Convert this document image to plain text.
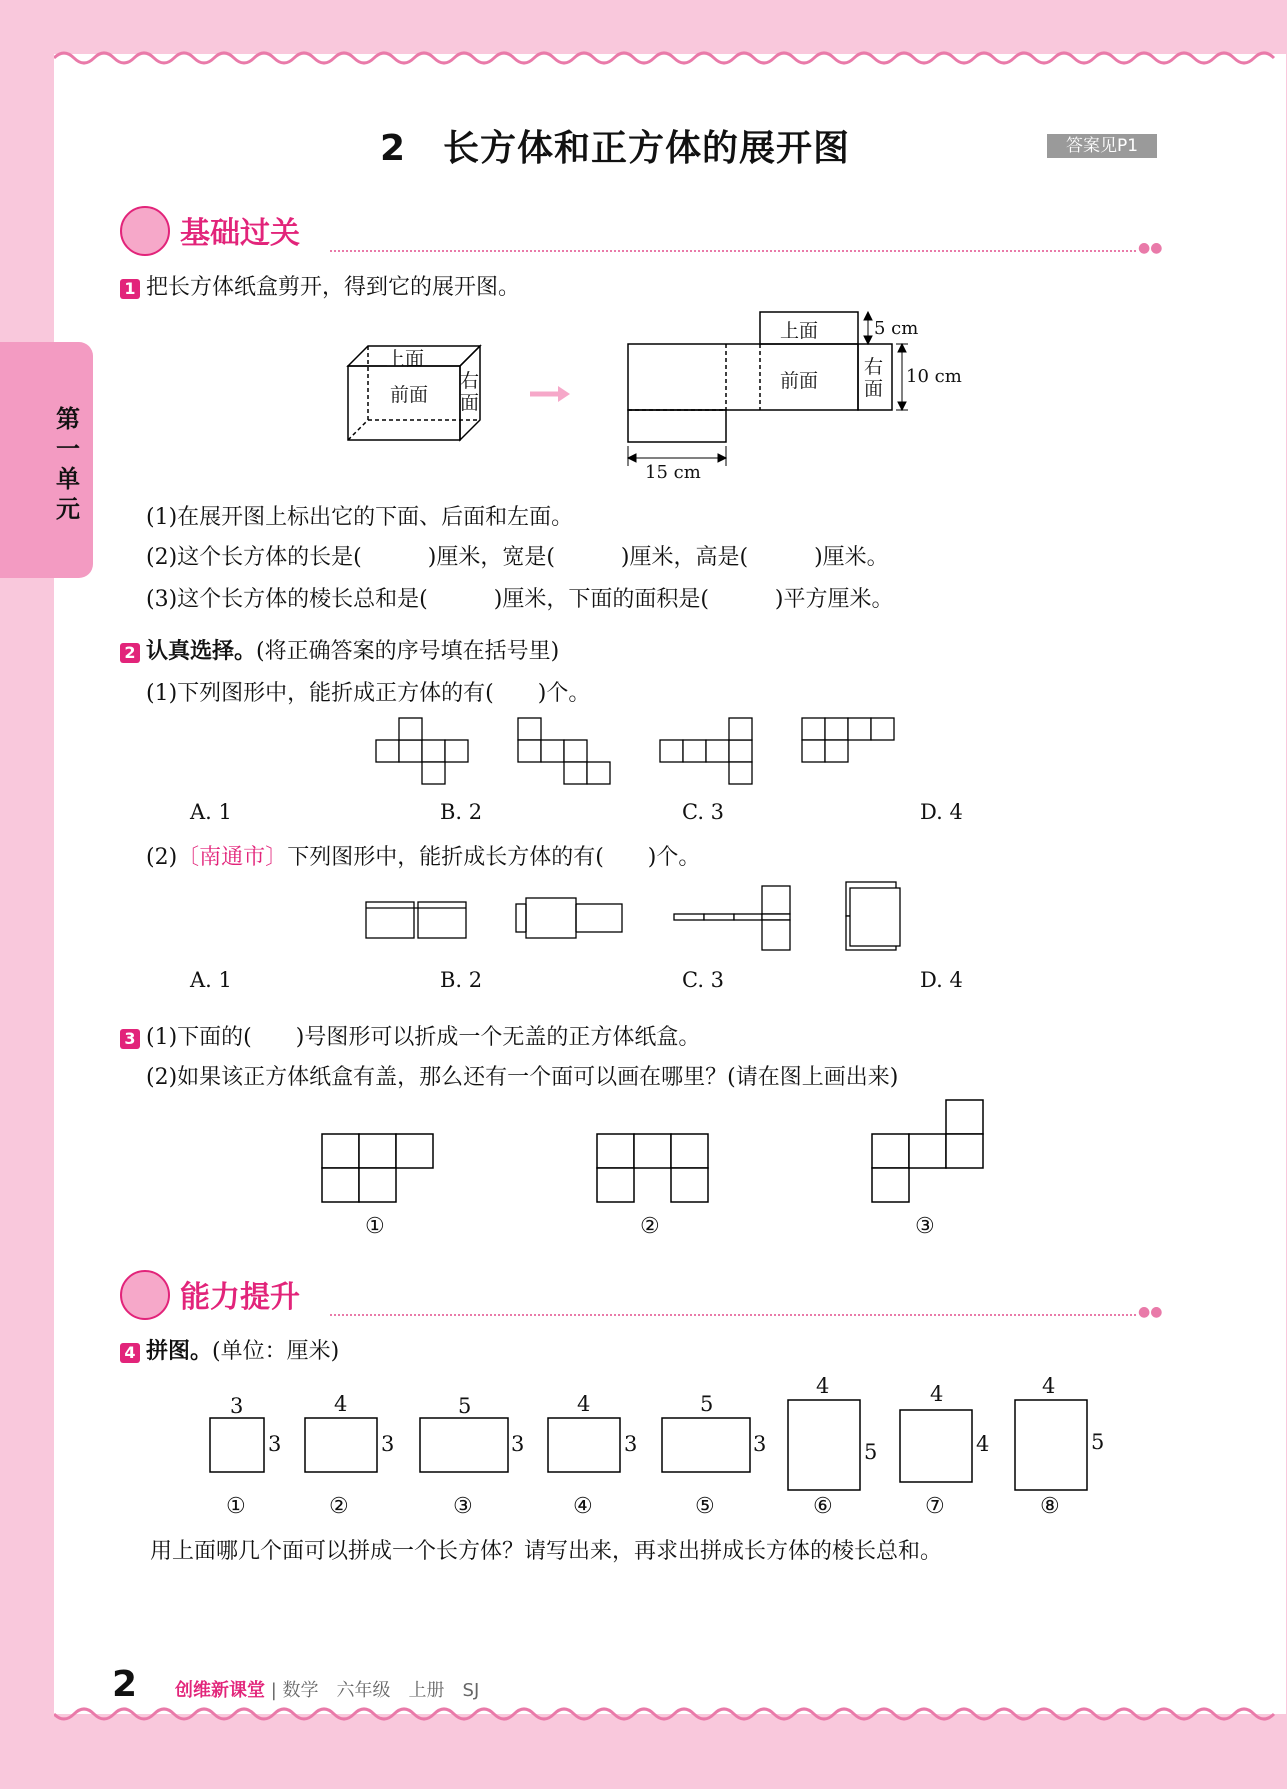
第一单元
2　长方体和正方体的展开图	答案见P1
基础过关	●●
1 把长方体纸盒剪开，得到它的展开图。
上面
前面
右面
上面
前面
右面
5 cm
10 cm
15 cm
(1)在展开图上标出它的下面、后面和左面。
(2)这个长方体的长是(　　　)厘米，宽是(　　　)厘米，高是(　　　)厘米。
(3)这个长方体的棱长总和是(　　　)厘米，下面的面积是(　　　)平方厘米。
2 认真选择。(将正确答案的序号填在括号里)
(1)下列图形中，能折成正方体的有(　　)个。
A. 1	B. 2	C. 3	D. 4
(2)〔南通市〕下列图形中，能折成长方体的有(　　)个。
A. 1	B. 2	C. 3	D. 4
3 (1)下面的(　　)号图形可以折成一个无盖的正方体纸盒。
(2)如果该正方体纸盒有盖，那么还有一个面可以画在哪里？(请在图上画出来)
①	②	③
能力提升	●●
4 拼图。(单位：厘米)
3
3
4
3
5
3
4
3
5
3
4
5
4
4
4
5
①	②	③	④	⑤	⑥	⑦	⑧
用上面哪几个面可以拼成一个长方体？请写出来，再求出拼成长方体的棱长总和。
2 创维新课堂 | 数学　六年级　上册　SJ
